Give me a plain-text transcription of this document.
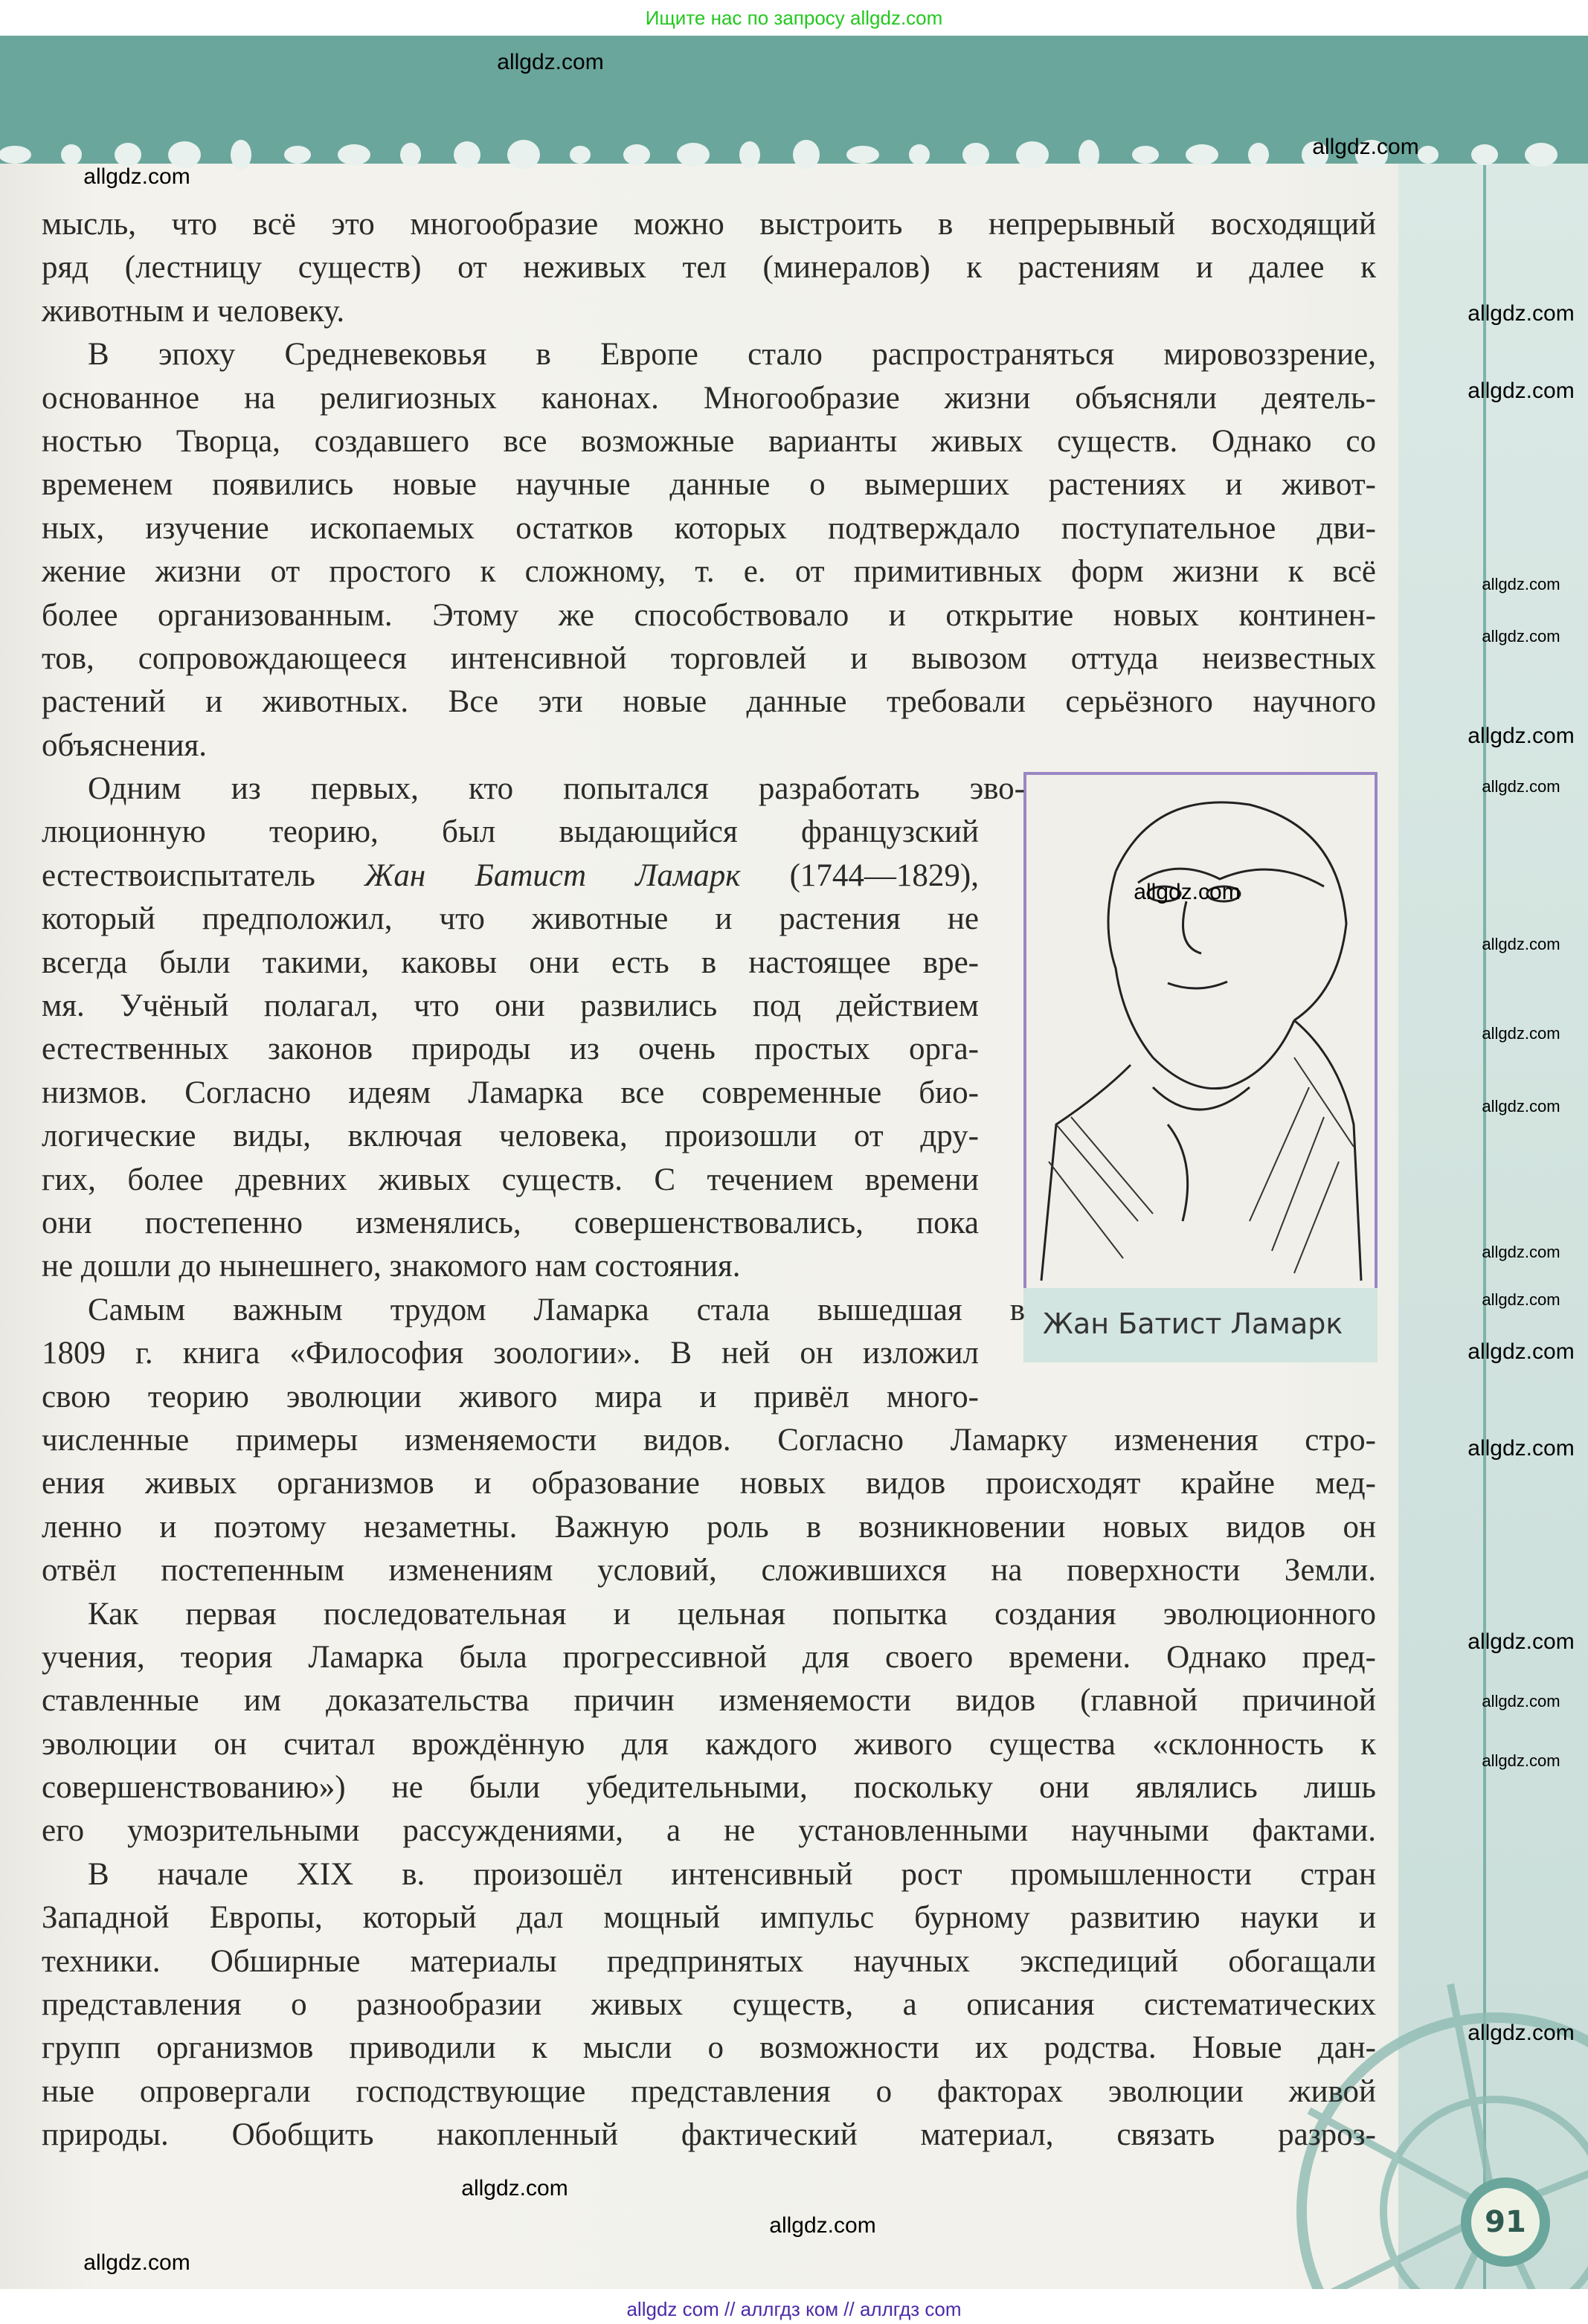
Ищите нас по запросу allgdz.com
91
мысль, что всё это многообразие можно выстроить в непрерывный восходящий
ряд (лестницу существ) от неживых тел (минералов) к растениям и далее к
животным и человеку.
В эпоху Средневековья в Европе стало распространяться мировоззрение,
основанное на религиозных канонах. Многообразие жизни объясняли деятель-
ностью Творца, создавшего все возможные варианты живых существ. Однако со
временем появились новые научные данные о вымерших растениях и живот-
ных, изучение ископаемых остатков которых подтверждало поступательное дви-
жение жизни от простого к сложному, т. е. от примитивных форм жизни к всё
более организованным. Этому же способствовало и открытие новых континен-
тов, сопровождающееся интенсивной торговлей и вывозом оттуда неизвестных
растений и животных. Все эти новые данные требовали серьёзного научного
объяснения.
Одним из первых, кто попытался разработать эво-
люционную теорию, был выдающийся французский
естествоиспытатель Жан Батист Ламарк (1744—1829),
который предположил, что животные и растения не
всегда были такими, каковы они есть в настоящее вре-
мя. Учёный полагал, что они развились под действием
естественных законов природы из очень простых орга-
низмов. Согласно идеям Ламарка все современные био-
логические виды, включая человека, произошли от дру-
гих, более древних живых существ. С течением времени
они постепенно изменялись, совершенствовались, пока
не дошли до нынешнего, знакомого нам состояния.
Самым важным трудом Ламарка стала вышедшая в
1809 г. книга «Философия зоологии». В ней он изложил
свою теорию эволюции живого мира и привёл много-
численные примеры изменяемости видов. Согласно Ламарку изменения стро-
ения живых организмов и образование новых видов происходят крайне мед-
ленно и поэтому незаметны. Важную роль в возникновении новых видов он
отвёл постепенным изменениям условий, сложившихся на поверхности Земли.
Как первая последовательная и цельная попытка создания эволюционного
учения, теория Ламарка была прогрессивной для своего времени. Однако пред-
ставленные им доказательства причин изменяемости видов (главной причиной
эволюции он считал врождённую для каждого живого существа «склонность к
совершенствованию») не были убедительными, поскольку они являлись лишь
его умозрительными рассуждениями, а не установленными научными фактами.
В начале XIX в. произошёл интенсивный рост промышленности стран
Западной Европы, который дал мощный импульс бурному развитию науки и
техники. Обширные материалы предпринятых научных экспедиций обогащали
представления о разнообразии живых существ, а описания систематических
групп организмов приводили к мысли о возможности их родства. Новые дан-
ные опровергали господствующие представления о факторах эволюции живой
природы. Обобщить накопленный фактический материал, связать разроз-
Жан Батист Ламарк
allgdz.com
allgdz.com
allgdz.com
allgdz.com
allgdz.com
allgdz.com
allgdz.com
allgdz.com
allgdz.com
allgdz.com
allgdz.com
allgdz.com
allgdz.com
allgdz.com
allgdz.com
allgdz.com
allgdz.com
allgdz.com
allgdz.com
allgdz.com
allgdz.com
allgdz.com
allgdz.com
allgdz.com
allgdz com // аллгдз ком // аллгдз com
